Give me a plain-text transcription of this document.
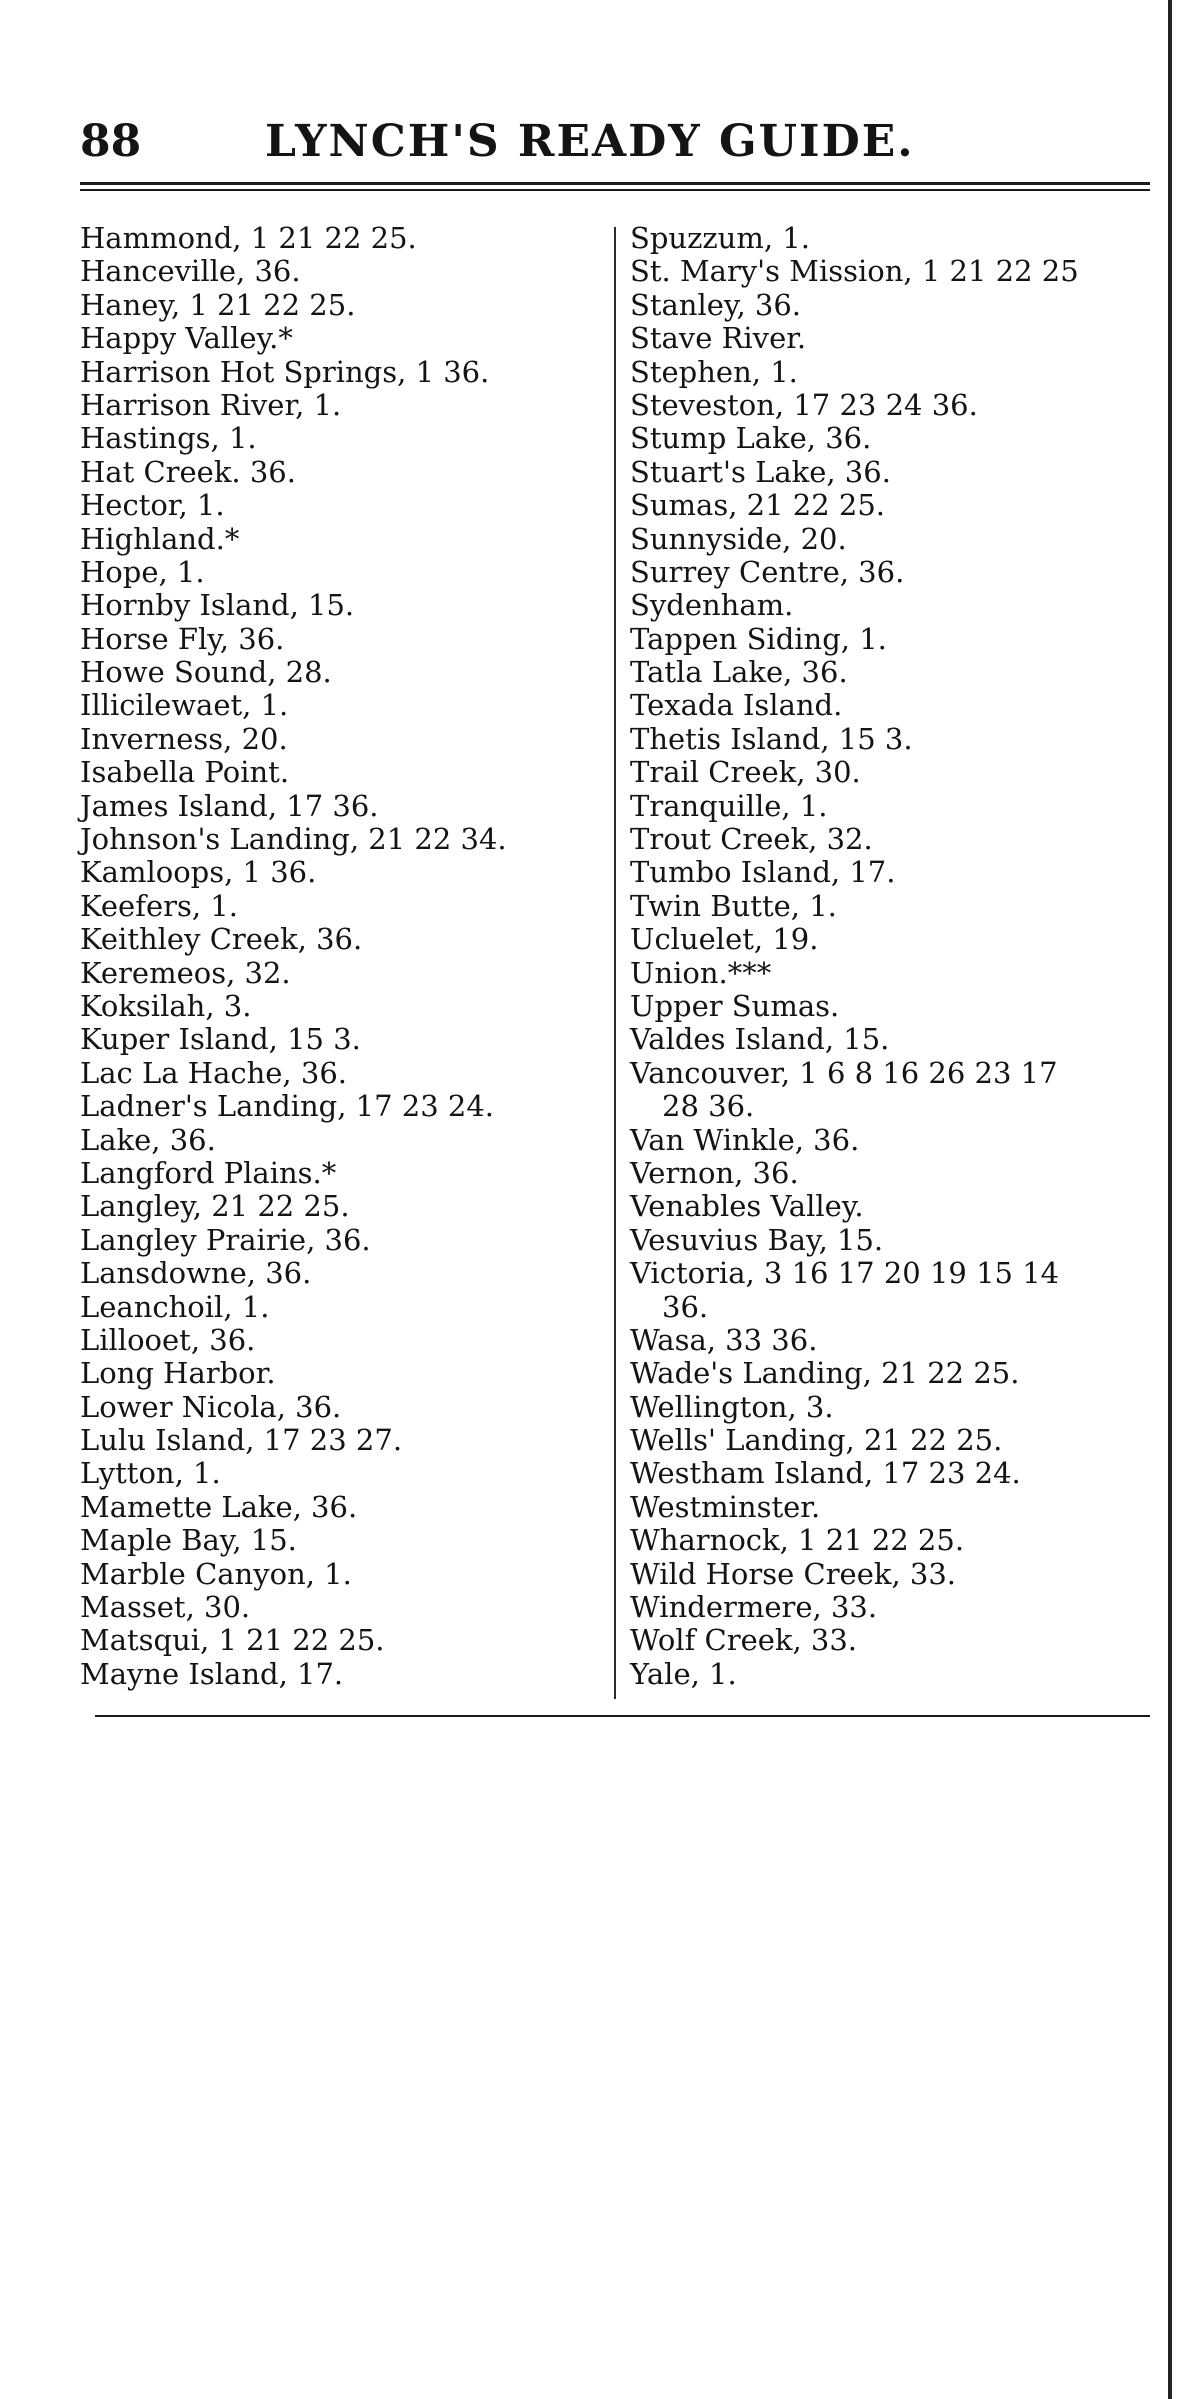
88	LYNCH'S READY GUIDE.
Hammond, 1 21 22 25.
Hanceville, 36.
Haney, 1 21 22 25.
Happy Valley.*
Harrison Hot Springs, 1 36.
Harrison River, 1.
Hastings, 1.
Hat Creek. 36.
Hector, 1.
Highland.*
Hope, 1.
Hornby Island, 15.
Horse Fly, 36.
Howe Sound, 28.
Illicilewaet, 1.
Inverness, 20.
Isabella Point.
James Island, 17 36.
Johnson's Landing, 21 22 34.
Kamloops, 1 36.
Keefers, 1.
Keithley Creek, 36.
Keremeos, 32.
Koksilah, 3.
Kuper Island, 15 3.
Lac La Hache, 36.
Ladner's Landing, 17 23 24.
Lake, 36.
Langford Plains.*
Langley, 21 22 25.
Langley Prairie, 36.
Lansdowne, 36.
Leanchoil, 1.
Lillooet, 36.
Long Harbor.
Lower Nicola, 36.
Lulu Island, 17 23 27.
Lytton, 1.
Mamette Lake, 36.
Maple Bay, 15.
Marble Canyon, 1.
Masset, 30.
Matsqui, 1 21 22 25.
Mayne Island, 17.
Spuzzum, 1.
St. Mary's Mission, 1 21 22 25
Stanley, 36.
Stave River.
Stephen, 1.
Steveston, 17 23 24 36.
Stump Lake, 36.
Stuart's Lake, 36.
Sumas, 21 22 25.
Sunnyside, 20.
Surrey Centre, 36.
Sydenham.
Tappen Siding, 1.
Tatla Lake, 36.
Texada Island.
Thetis Island, 15 3.
Trail Creek, 30.
Tranquille, 1.
Trout Creek, 32.
Tumbo Island, 17.
Twin Butte, 1.
Ucluelet, 19.
Union.***
Upper Sumas.
Valdes Island, 15.
Vancouver, 1 6 8 16 26 23 17
28 36.
Van Winkle, 36.
Vernon, 36.
Venables Valley.
Vesuvius Bay, 15.
Victoria, 3 16 17 20 19 15 14
36.
Wasa, 33 36.
Wade's Landing, 21 22 25.
Wellington, 3.
Wells' Landing, 21 22 25.
Westham Island, 17 23 24.
Westminster.
Wharnock, 1 21 22 25.
Wild Horse Creek, 33.
Windermere, 33.
Wolf Creek, 33.
Yale, 1.
